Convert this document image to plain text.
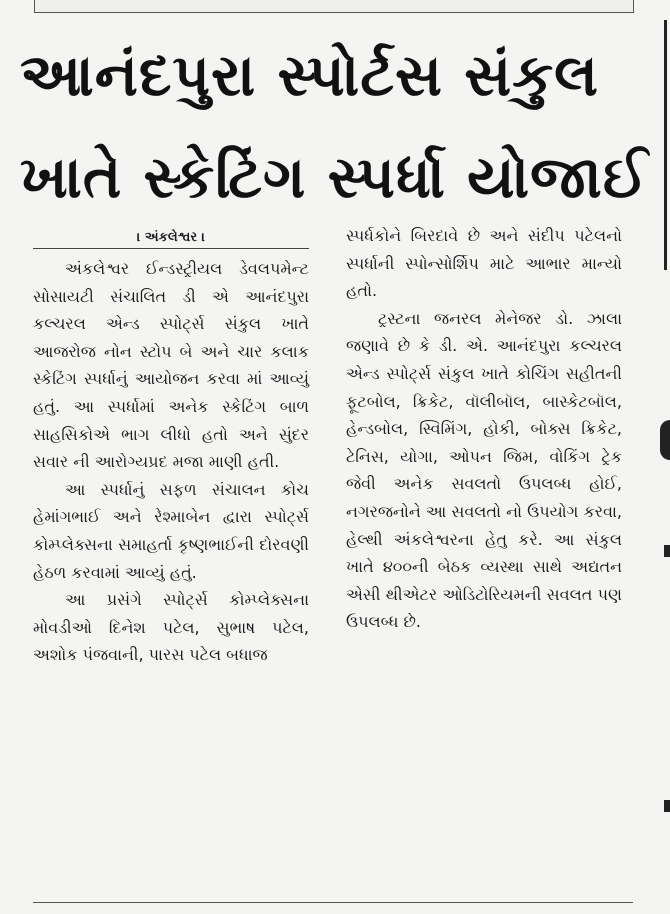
આનંદપુરા સ્પોર્ટસ સંકુલ
ખાતે સ્કેટિંગ સ્પર્ધા યોજાઈ
। અંકલેશ્વર ।

અંકલેશ્વર ઈન્ડસ્ટ્રીયલ ડેવલપમેન્ટ સોસાયટી સંચાલિત ડી એ આનંદપુરા કલ્ચરલ એન્ડ સ્પોર્ટ્સ સંકુલ ખાતે આજરોજ નોન સ્ટોપ બે અને ચાર કલાક સ્કેટિંગ સ્પર્ધાનું આયોજન કરવા માં આવ્યું હતું. આ સ્પર્ધામાં અનેક સ્કેટિંગ બાળ સાહસિકોએ ભાગ લીધો હતો અને સુંદર સવાર ની આરોગ્યપ્રદ મજા માણી હતી.

આ સ્પર્ધાનું સફળ સંચાલન કોચ હેમાંગભાઈ અને રેશ્માબેન દ્વારા સ્પોર્ટ્સ કોમ્પ્લેક્સના સમાહર્તા કૃષ્ણભાઈની દોરવણી હેઠળ કરવામાં આવ્યું હતું.

આ પ્રસંગે સ્પોર્ટ્સ કોમ્પ્લેક્સના મોવડીઓ દિનેશ પટેલ, સુભાષ પટેલ, અશોક પંજવાની, પારસ પટેલ બધાજ

સ્પર્ધકોને બિરદાવે છે અને સંદીપ પટેલનો સ્પર્ધાની સ્પોન્સોર્શિપ માટે આભાર માન્યો હતો.

ટ્રસ્ટના જનરલ મેનેજર ડો. ઝાલા જણાવે છે કે ડી. એ. આનંદપુરા કલ્ચરલ એન્ડ સ્પોર્ટ્સ સંકુલ ખાતે કોચિંગ સહીતની ફૂટબોલ, ક્રિકેટ, વૉલીબૉલ, બાસ્કેટબૉલ, હેન્ડબોલ, સ્વિમિંગ, હોકી, બોક્સ ક્રિકેટ, ટેનિસ, યોગા, ઓપન જિમ, વોકિંગ ટ્રેક જેવી અનેક સવલતો ઉપલબ્ધ હોઈ, નગરજનોને આ સવલતો નો ઉપયોગ કરવા, હેલ્થી અંકલેશ્વરના હેતુ કરે. આ સંકુલ ખાતે ૪૦૦ની બેઠક વ્યસ્થા સાથે અદ્યતન એસી થીએટર ઓડિટોરિયમની સવલત પણ ઉપલબ્ધ છે.
